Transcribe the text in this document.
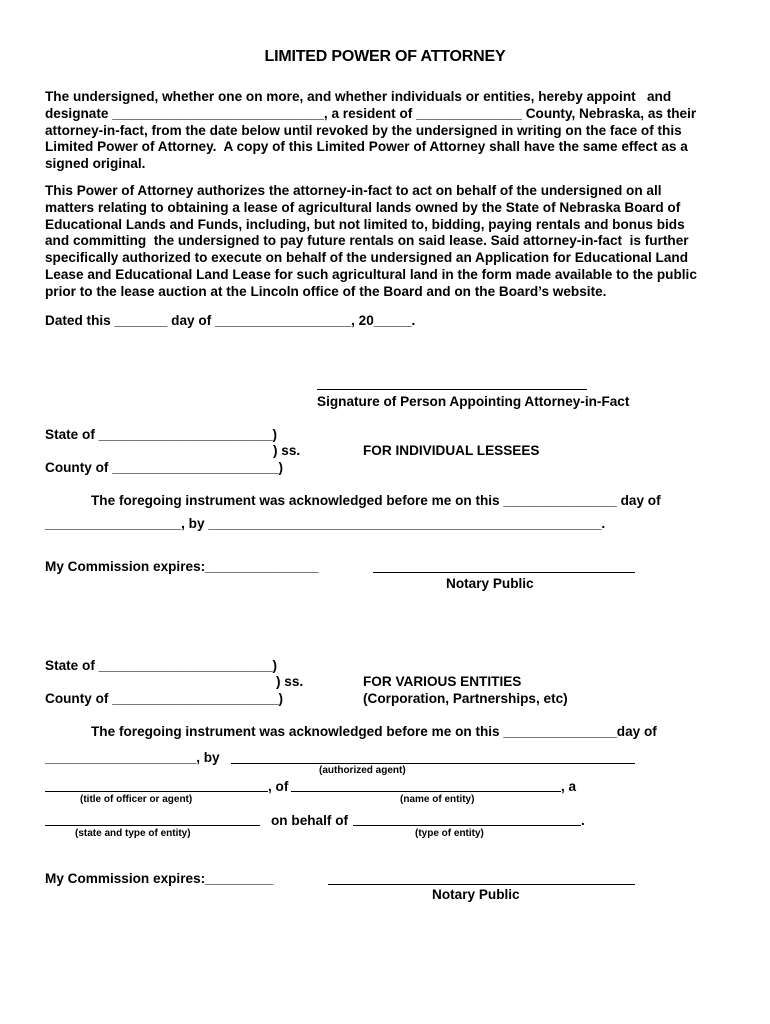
LIMITED POWER OF ATTORNEY
The undersigned, whether one on more, and whether individuals or entities, hereby appoint   and
designate ____________________________, a resident of ______________ County, Nebraska, as their
attorney-in-fact, from the date below until revoked by the undersigned in writing on the face of this
Limited Power of Attorney.  A copy of this Limited Power of Attorney shall have the same effect as a
signed original.
This Power of Attorney authorizes the attorney-in-fact to act on behalf of the undersigned on all
matters relating to obtaining a lease of agricultural lands owned by the State of Nebraska Board of
Educational Lands and Funds, including, but not limited to, bidding, paying rentals and bonus bids
and committing  the undersigned to pay future rentals on said lease. Said attorney-in-fact  is further
specifically authorized to execute on behalf of the undersigned an Application for Educational Land
Lease and Educational Land Lease for such agricultural land in the form made available to the public
prior to the lease auction at the Lincoln office of the Board and on the Board’s website.
Dated this _______ day of __________________, 20_____.
Signature of Person Appointing Attorney-in-Fact
State of _______________________)
) ss.	FOR INDIVIDUAL LESSEES
County of ______________________)
The foregoing instrument was acknowledged before me on this _______________ day of
__________________, by ____________________________________________________.
My Commission expires:_______________
Notary Public
State of _______________________)
) ss.	FOR VARIOUS ENTITIES
County of ______________________)	(Corporation, Partnerships, etc)
The foregoing instrument was acknowledged before me on this _______________day of
____________________, by
(authorized agent)
, of	, a
(title of officer or agent)	(name of entity)
on behalf of	.
(state and type of entity)	(type of entity)
My Commission expires:_________
Notary Public
